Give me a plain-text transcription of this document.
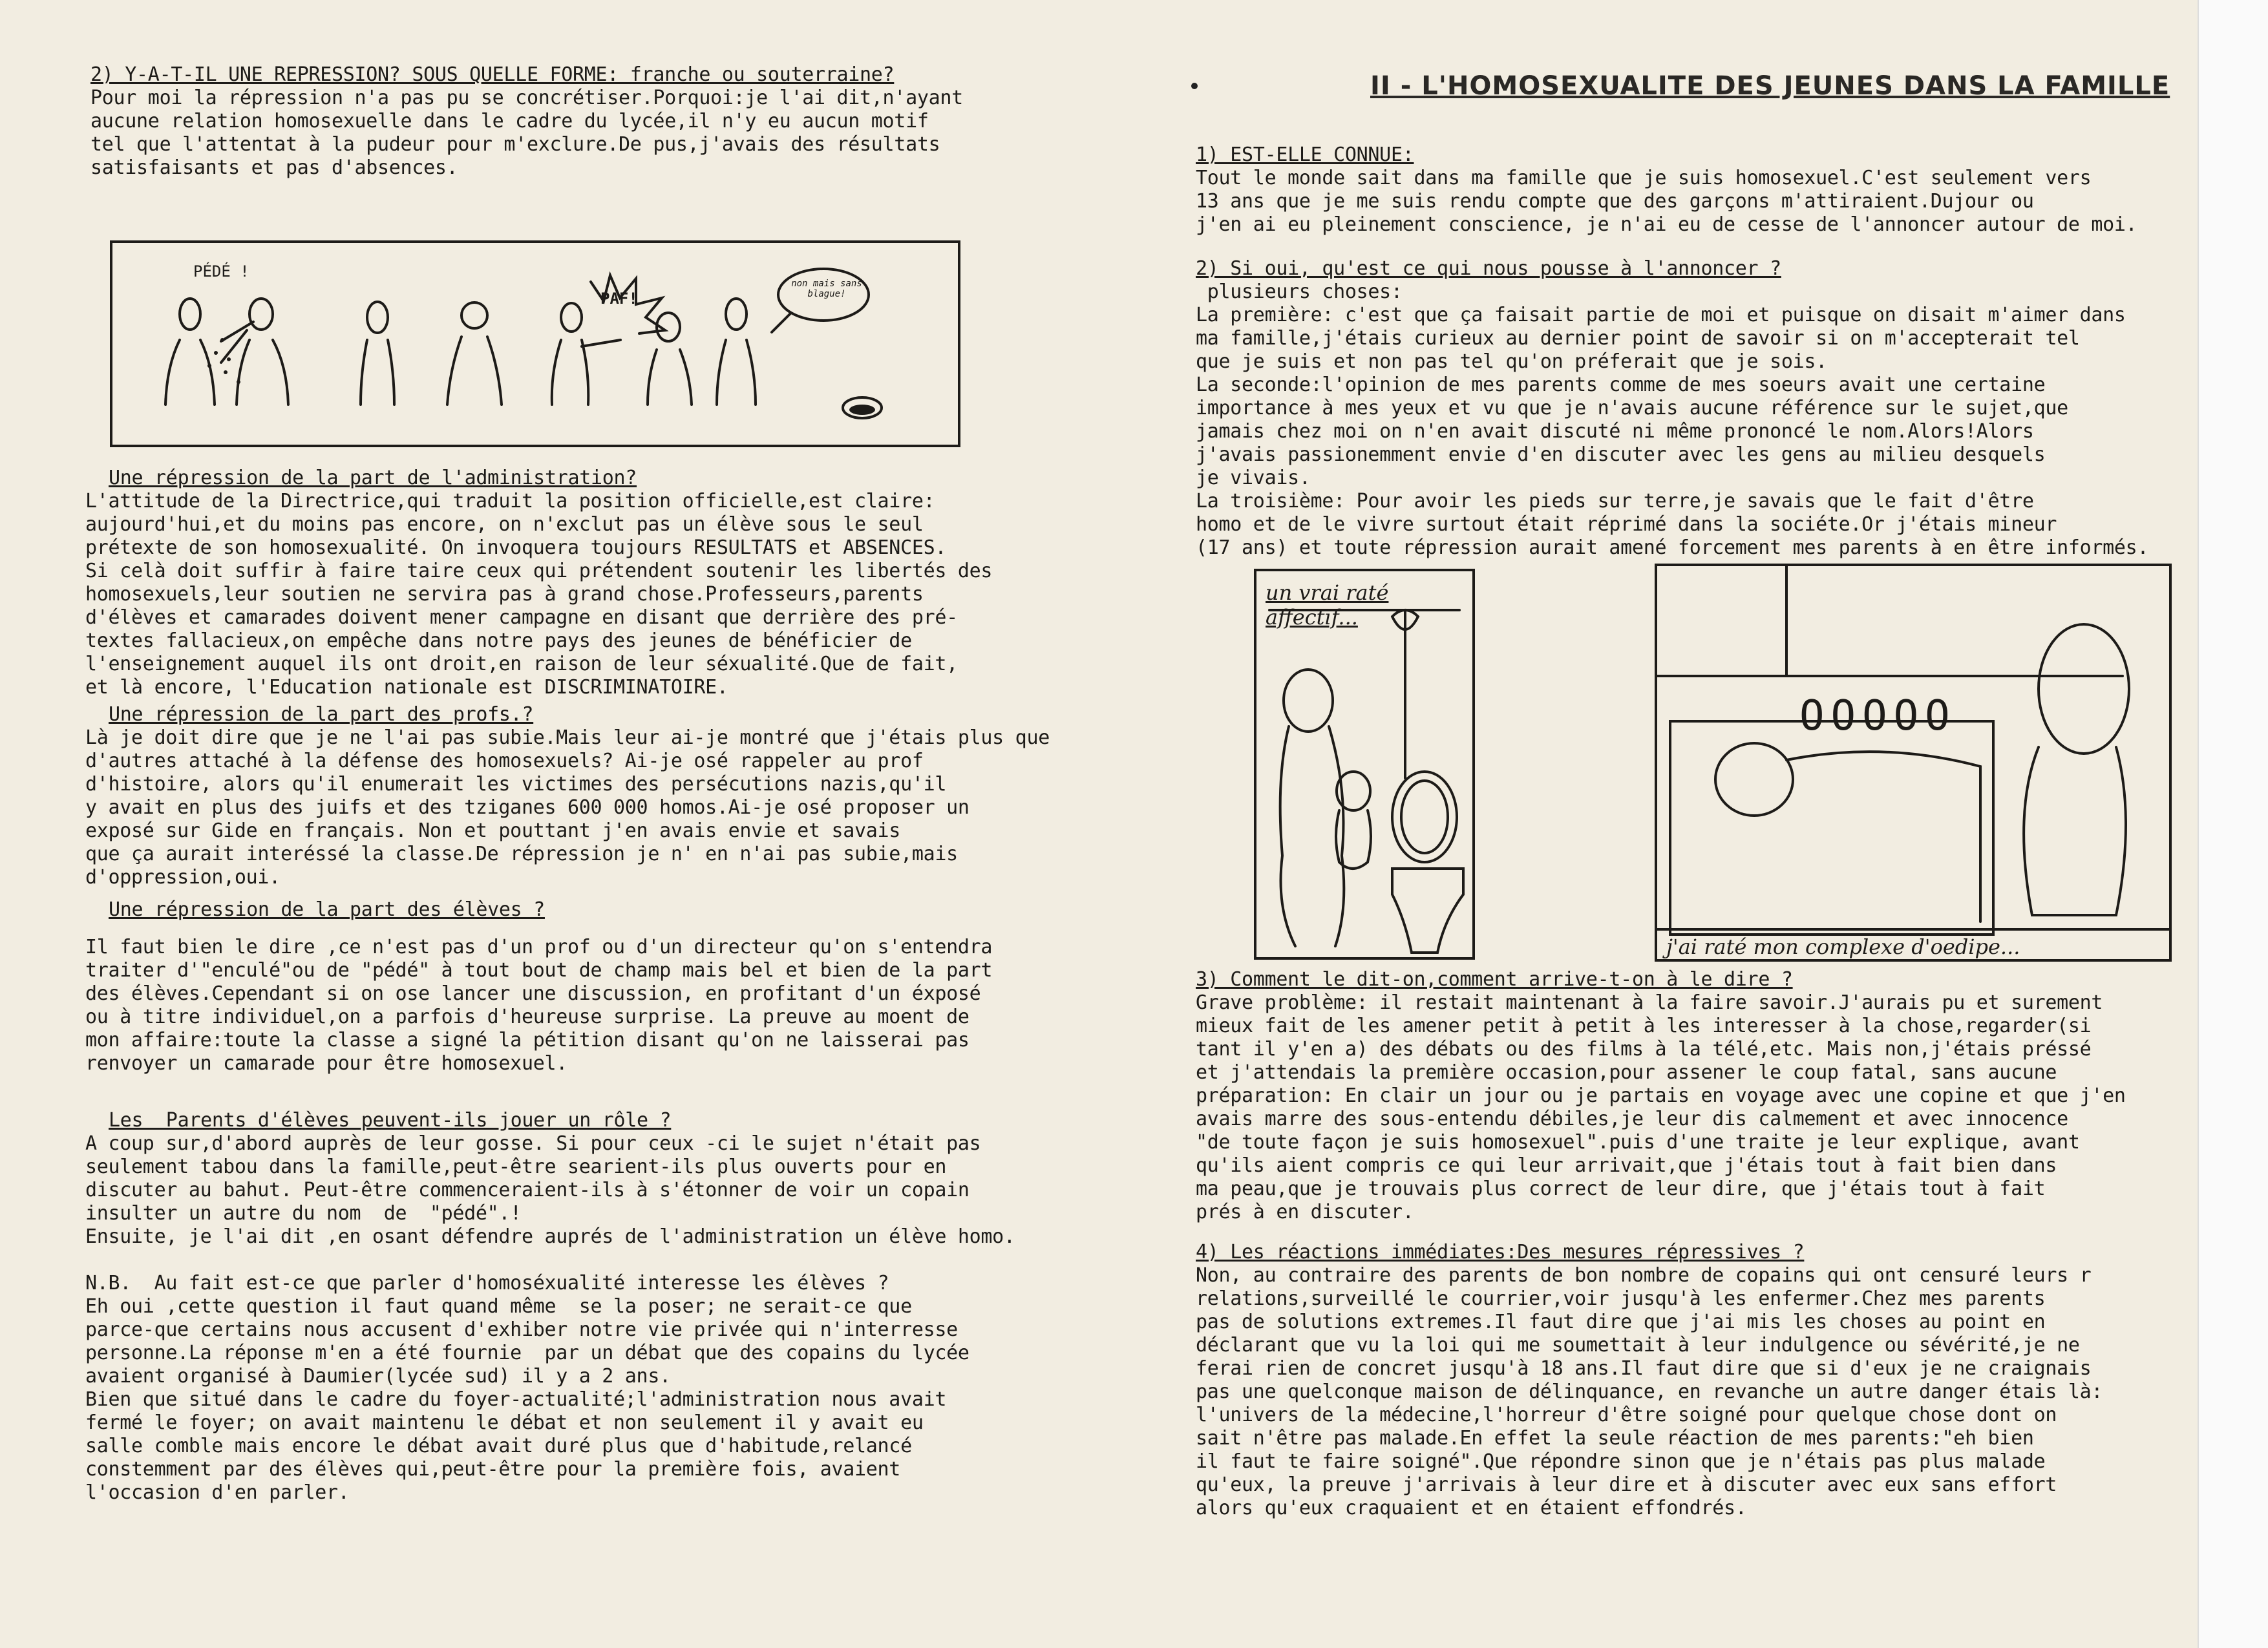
2) Y-A-T-IL UNE REPRESSION? SOUS QUELLE FORME: franche ou souterraine?
Pour moi la répression n'a pas pu se concrétiser.Porquoi:je l'ai dit,n'ayant
aucune relation homosexuelle dans le cadre du lycée,il n'y eu aucun motif
tel que l'attentat à la pudeur pour m'exclure.De pus,j'avais des résultats
satisfaisants et pas d'absences.
PÉDÉ !
PAF!
non mais sans blague!
Une répression de la part de l'administration?
L'attitude de la Directrice,qui traduit la position officielle,est claire:
aujourd'hui,et du moins pas encore, on n'exclut pas un élève sous le seul
prétexte de son homosexualité. On invoquera toujours RESULTATS et ABSENCES.
Si celà doit suffir à faire taire ceux qui prétendent soutenir les libertés des
homosexuels,leur soutien ne servira pas à grand chose.Professeurs,parents
d'élèves et camarades doivent mener campagne en disant que derrière des pré-
textes fallacieux,on empêche dans notre pays des jeunes de bénéficier de
l'enseignement auquel ils ont droit,en raison de leur séxualité.Que de fait,
et là encore, l'Education nationale est DISCRIMINATOIRE.
Une répression de la part des profs.?
Là je doit dire que je ne l'ai pas subie.Mais leur ai-je montré que j'étais plus que
d'autres attaché à la défense des homosexuels? Ai-je osé rappeler au prof
d'histoire, alors qu'il enumerait les victimes des persécutions nazis,qu'il
y avait en plus des juifs et des tziganes 600 000 homos.Ai-je osé proposer un
exposé sur Gide en français. Non et pouttant j'en avais envie et savais
que ça aurait interéssé la classe.De répression je n' en n'ai pas subie,mais
d'oppression,oui.
Une répression de la part des élèves ?
Il faut bien le dire ,ce n'est pas d'un prof ou d'un directeur qu'on s'entendra
traiter d'"enculé"ou de "pédé" à tout bout de champ mais bel et bien de la part
des élèves.Cependant si on ose lancer une discussion, en profitant d'un éxposé
ou à titre individuel,on a parfois d'heureuse surprise. La preuve au moent de
mon affaire:toute la classe a signé la pétition disant qu'on ne laisserai pas
renvoyer un camarade pour être homosexuel.
Les  Parents d'élèves peuvent-ils jouer un rôle ?
A coup sur,d'abord auprès de leur gosse. Si pour ceux -ci le sujet n'était pas
seulement tabou dans la famille,peut-être searient-ils plus ouverts pour en
discuter au bahut. Peut-être commenceraient-ils à s'étonner de voir un copain
insulter un autre du nom  de  "pédé".!
Ensuite, je l'ai dit ,en osant défendre auprés de l'administration un élève homo.
N.B.  Au fait est-ce que parler d'homoséxualité interesse les élèves ?
Eh oui ,cette question il faut quand même  se la poser; ne serait-ce que
parce-que certains nous accusent d'exhiber notre vie privée qui n'interresse
personne.La réponse m'en a été fournie  par un débat que des copains du lycée
avaient organisé à Daumier(lycée sud) il y a 2 ans.
Bien que situé dans le cadre du foyer-actualité;l'administration nous avait
fermé le foyer; on avait maintenu le débat et non seulement il y avait eu
salle comble mais encore le débat avait duré plus que d'habitude,relancé
constemment par des élèves qui,peut-être pour la première fois, avaient
l'occasion d'en parler.
II - L'HOMOSEXUALITE DES JEUNES DANS LA FAMILLE
1) EST-ELLE CONNUE:
Tout le monde sait dans ma famille que je suis homosexuel.C'est seulement vers
13 ans que je me suis rendu compte que des garçons m'attiraient.Dujour ou
j'en ai eu pleinement conscience, je n'ai eu de cesse de l'annoncer autour de moi.
2) Si oui, qu'est ce qui nous pousse à l'annoncer ?
plusieurs choses:
La première: c'est que ça faisait partie de moi et puisque on disait m'aimer dans
ma famille,j'étais curieux au dernier point de savoir si on m'accepterait tel
que je suis et non pas tel qu'on préferait que je sois.
La seconde:l'opinion de mes parents comme de mes soeurs avait une certaine
importance à mes yeux et vu que je n'avais aucune référence sur le sujet,que
jamais chez moi on n'en avait discuté ni même prononcé le nom.Alors!Alors
j'avais passionemment envie d'en discuter avec les gens au milieu desquels
je vivais.
La troisième: Pour avoir les pieds sur terre,je savais que le fait d'être
homo et de le vivre surtout était réprimé dans la sociéte.Or j'étais mineur
(17 ans) et toute répression aurait amené forcement mes parents à en être informés.
un vrai raté affectif...
OOOOO
j'ai raté mon complexe d'oedipe...
3) Comment le dit-on,comment arrive-t-on à le dire ?
Grave problème: il restait maintenant à la faire savoir.J'aurais pu et surement
mieux fait de les amener petit à petit à les interesser à la chose,regarder(si
tant il y'en a) des débats ou des films à la télé,etc. Mais non,j'étais préssé
et j'attendais la première occasion,pour assener le coup fatal, sans aucune
préparation: En clair un jour ou je partais en voyage avec une copine et que j'en
avais marre des sous-entendu débiles,je leur dis calmement et avec innocence
"de toute façon je suis homosexuel".puis d'une traite je leur explique, avant
qu'ils aient compris ce qui leur arrivait,que j'étais tout à fait bien dans
ma peau,que je trouvais plus correct de leur dire, que j'étais tout à fait
prés à en discuter.
4) Les réactions immédiates:Des mesures répressives ?
Non, au contraire des parents de bon nombre de copains qui ont censuré leurs r
relations,surveillé le courrier,voir jusqu'à les enfermer.Chez mes parents
pas de solutions extremes.Il faut dire que j'ai mis les choses au point en
déclarant que vu la loi qui me soumettait à leur indulgence ou sévérité,je ne
ferai rien de concret jusqu'à 18 ans.Il faut dire que si d'eux je ne craignais
pas une quelconque maison de délinquance, en revanche un autre danger étais là:
l'univers de la médecine,l'horreur d'être soigné pour quelque chose dont on
sait n'être pas malade.En effet la seule réaction de mes parents:"eh bien
il faut te faire soigné".Que répondre sinon que je n'étais pas plus malade
qu'eux, la preuve j'arrivais à leur dire et à discuter avec eux sans effort
alors qu'eux craquaient et en étaient effondrés.
